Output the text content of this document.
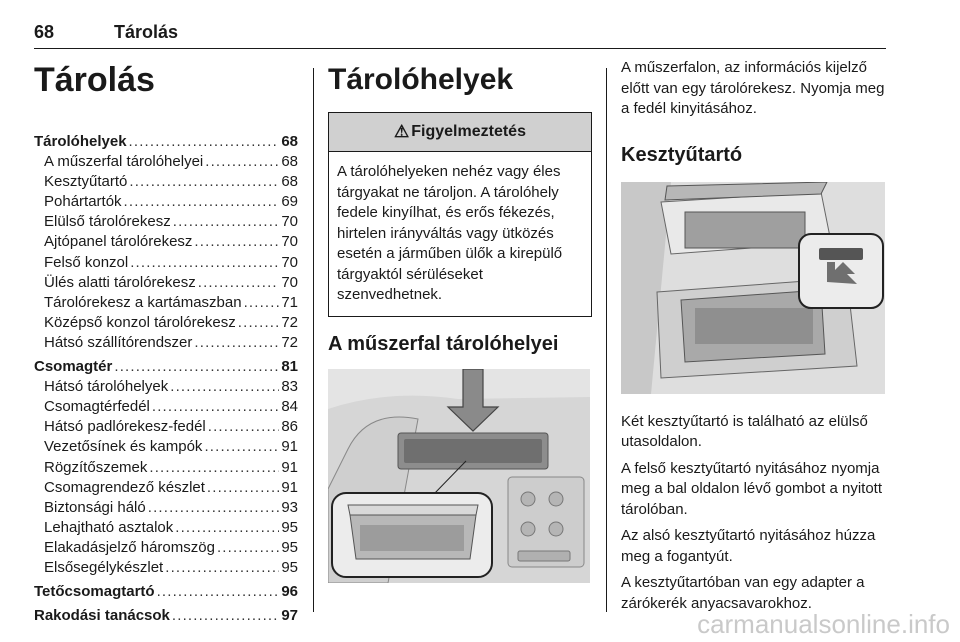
68	Tárolás
Tárolás
Tárolóhelyek . . .	68
A műszerfal tárolóhelyei . . .	68
Kesztyűtartó . . .	68
Pohártartók . . .	69
Elülső tárolórekesz . . .	70
Ajtópanel tárolórekesz . . .	70
Felső konzol . . .	70
Ülés alatti tárolórekesz . . .	70
Tárolórekesz a kartámaszban . . .	71
Középső konzol tárolórekesz . . .	72
Hátsó szállítórendszer . . .	72
Csomagtér . . .	81
Hátsó tárolóhelyek . . .	83
Csomagtérfedél . . .	84
Hátsó padlórekesz-fedél . . .	86
Vezetősínek és kampók . . .	91
Rögzítőszemek . . .	91
Csomagrendező készlet . . .	91
Biztonsági háló . . .	93
Lehajtható asztalok . . .	95
Elakadásjelző háromszög . . .	95
Elsősegélykészlet . . .	95
Tetőcsomagtartó . . .	96
Rakodási tanácsok . . .	97
Tárolóhelyek
⚠ Figyelmeztetés
A tárolóhelyeken nehéz vagy éles tárgyakat ne tároljon. A tárolóhely fedele kinyílhat, és erős fékezés, hirtelen irányváltás vagy ütközés esetén a járműben ülők a kirepülő tárgyaktól sérüléseket szenvedhetnek.
A műszerfal tárolóhelyei

A műszerfalon, az információs kijelző előtt van egy tárolórekesz. Nyomja meg a fedél kinyitásához.

Kesztyűtartó

Két kesztyűtartó is található az elülső utasoldalon.

A felső kesztyűtartó nyitásához nyomja meg a bal oldalon lévő gombot a nyitott tárolóban.

Az alsó kesztyűtartó nyitásához húzza meg a fogantyút.

A kesztyűtartóban van egy adapter a zárókerék anyacsavarokhoz.

carmanualsonline.info
